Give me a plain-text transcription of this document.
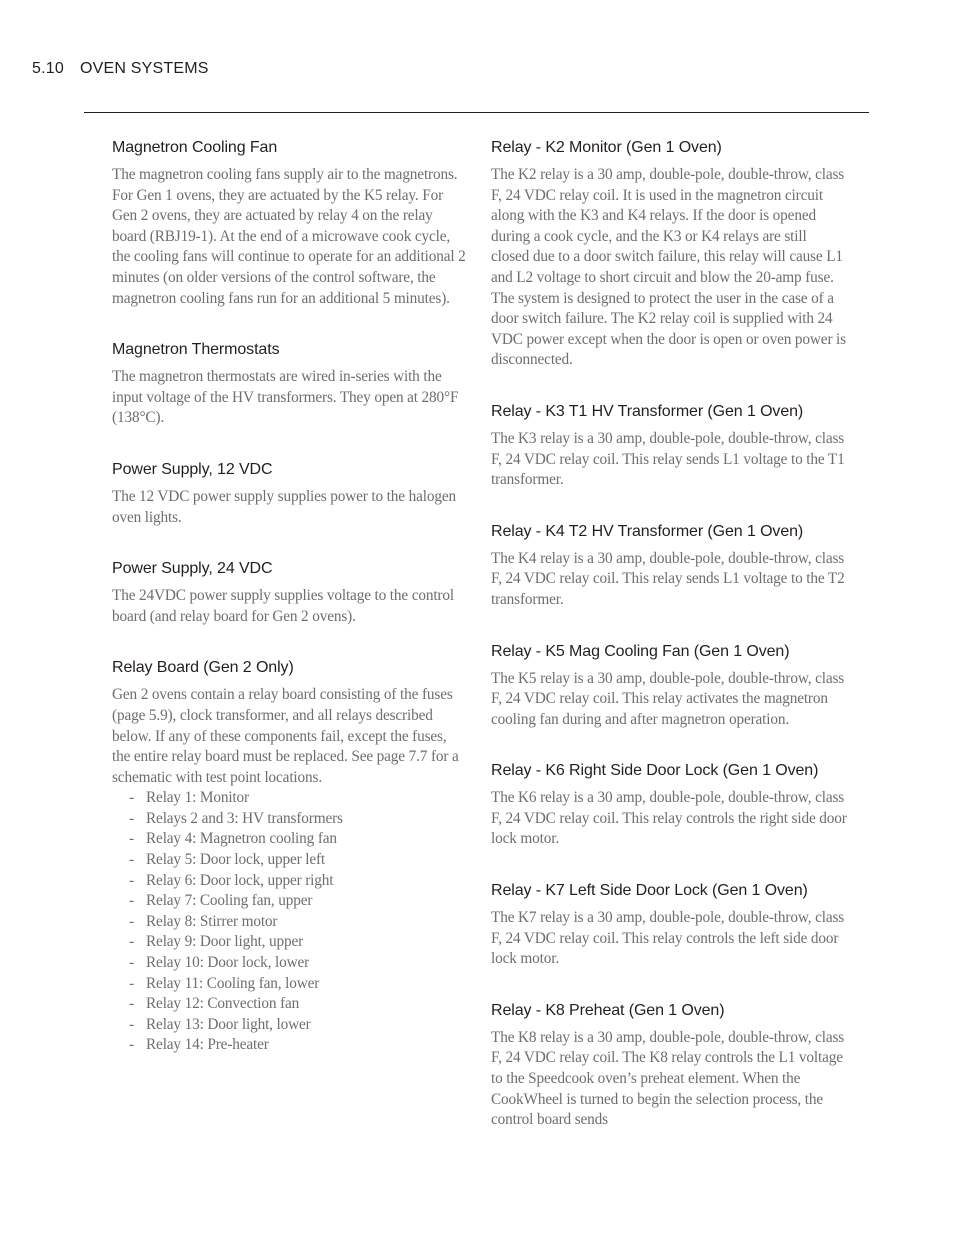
5.10 OVEN SYSTEMS
Magnetron Cooling Fan

The magnetron cooling fans supply air to the magnetrons. For Gen 1 ovens, they are actuated by the K5 relay. For Gen 2 ovens, they are actuated by relay 4 on the relay board (RBJ19-1). At the end of a microwave cook cycle, the cooling fans will continue to operate for an additional 2 minutes (on older versions of the control software, the magnetron cooling fans run for an additional 5 minutes).

Magnetron Thermostats

The magnetron thermostats are wired in-series with the input voltage of the HV transformers. They open at 280°F (138°C).

Power Supply, 12 VDC

The 12 VDC power supply supplies power to the halogen oven lights.

Power Supply, 24 VDC

The 24VDC power supply supplies voltage to the control board (and relay board for Gen 2 ovens).

Relay Board (Gen 2 Only)

Gen 2 ovens contain a relay board consisting of the fuses (page 5.9), clock transformer, and all relays described below. If any of these components fail, except the fuses, the entire relay board must be replaced. See page 7.7 for a schematic with test point locations.

- Relay 1: Monitor
- Relays 2 and 3: HV transformers
- Relay 4: Magnetron cooling fan
- Relay 5: Door lock, upper left
- Relay 6: Door lock, upper right
- Relay 7: Cooling fan, upper
- Relay 8: Stirrer motor
- Relay 9: Door light, upper
- Relay 10: Door lock, lower
- Relay 11: Cooling fan, lower
- Relay 12: Convection fan
- Relay 13: Door light, lower
- Relay 14: Pre-heater
Relay - K2 Monitor (Gen 1 Oven)

The K2 relay is a 30 amp, double-pole, double-throw, class F, 24 VDC relay coil. It is used in the magnetron circuit along with the K3 and K4 relays. If the door is opened during a cook cycle, and the K3 or K4 relays are still closed due to a door switch failure, this relay will cause L1 and L2 voltage to short circuit and blow the 20-amp fuse. The system is designed to protect the user in the case of a door switch failure. The K2 relay coil is supplied with 24 VDC power except when the door is open or oven power is disconnected.

Relay - K3 T1 HV Transformer (Gen 1 Oven)

The K3 relay is a 30 amp, double-pole, double-throw, class F, 24 VDC relay coil. This relay sends L1 voltage to the T1 transformer.

Relay - K4 T2 HV Transformer (Gen 1 Oven)

The K4 relay is a 30 amp, double-pole, double-throw, class F, 24 VDC relay coil. This relay sends L1 voltage to the T2 transformer.

Relay - K5 Mag Cooling Fan (Gen 1 Oven)

The K5 relay is a 30 amp, double-pole, double-throw, class F, 24 VDC relay coil. This relay activates the magnetron cooling fan during and after magnetron operation.

Relay - K6 Right Side Door Lock (Gen 1 Oven)

The K6 relay is a 30 amp, double-pole, double-throw, class F, 24 VDC relay coil. This relay controls the right side door lock motor.

Relay - K7 Left Side Door Lock (Gen 1 Oven)

The K7 relay is a 30 amp, double-pole, double-throw, class F, 24 VDC relay coil. This relay controls the left side door lock motor.

Relay - K8 Preheat (Gen 1 Oven)

The K8 relay is a 30 amp, double-pole, double-throw, class F, 24 VDC relay coil. The K8 relay controls the L1 voltage to the Speedcook oven’s preheat element. When the CookWheel is turned to begin the selection process, the control board sends
